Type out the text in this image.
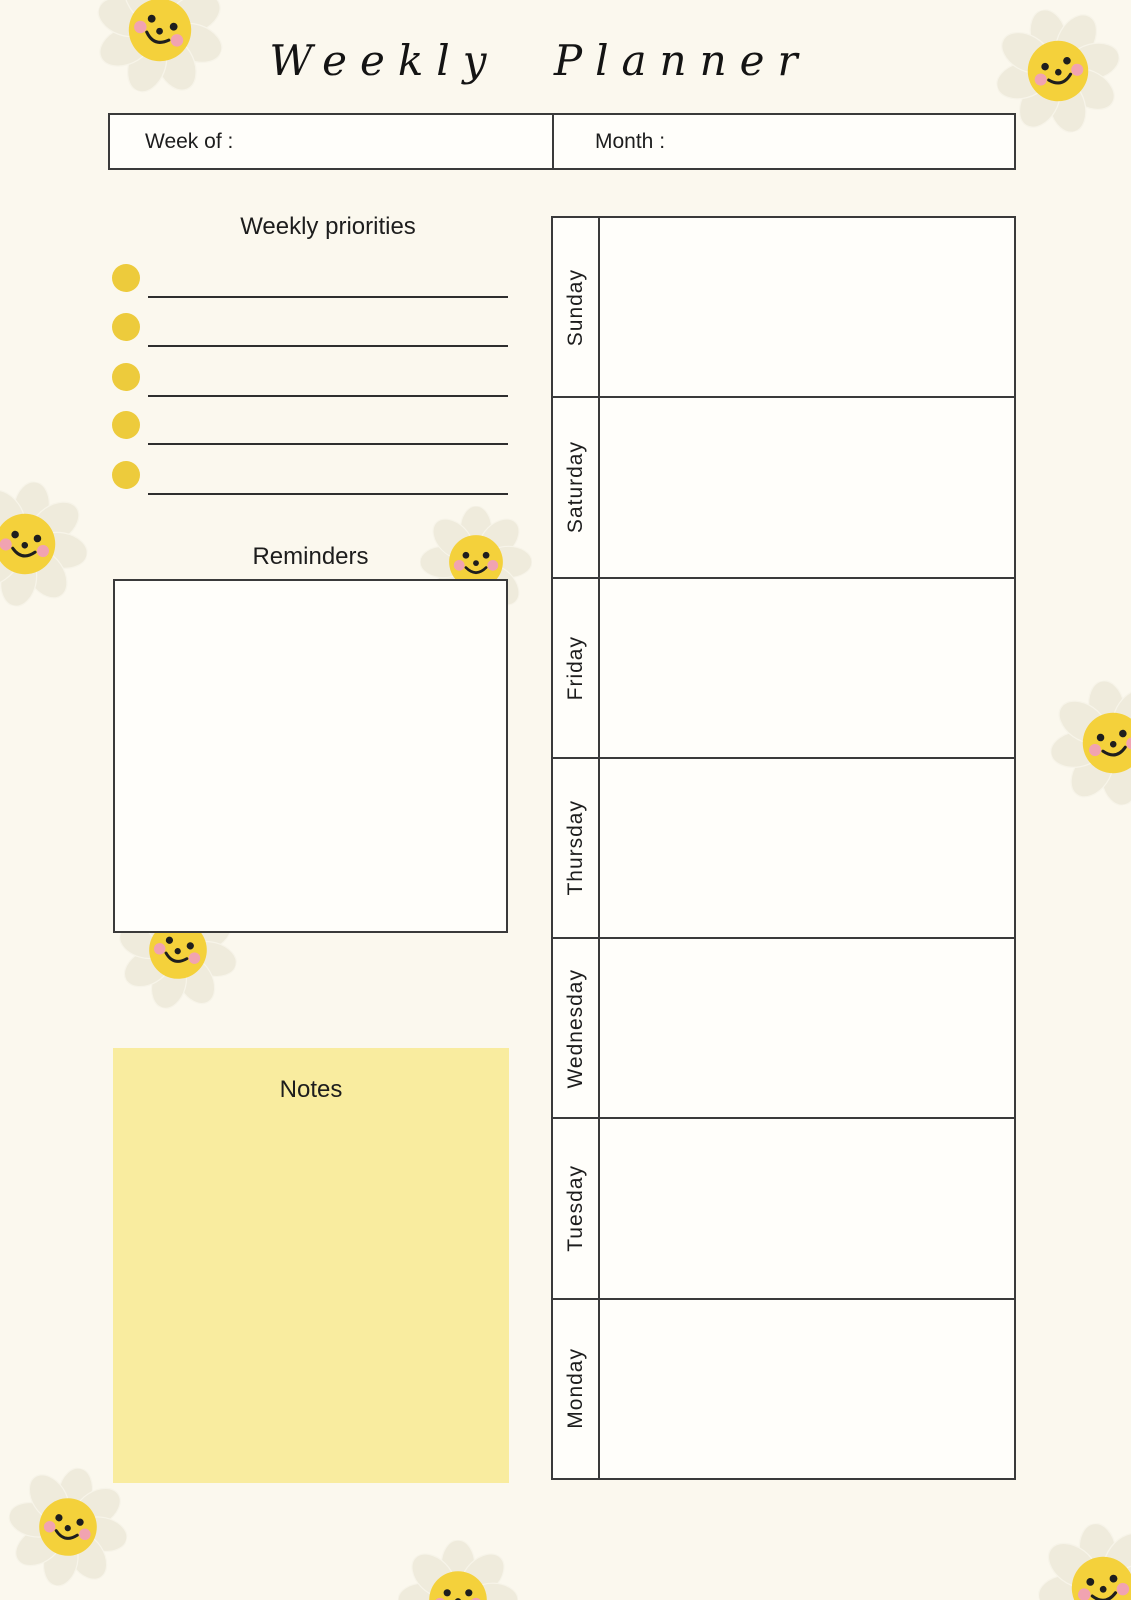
Weekly Planner
Week of :	Month :
Weekly priorities
Reminders
Notes
Sunday
Saturday
Friday
Thursday
Wednesday
Tuesday
Monday
